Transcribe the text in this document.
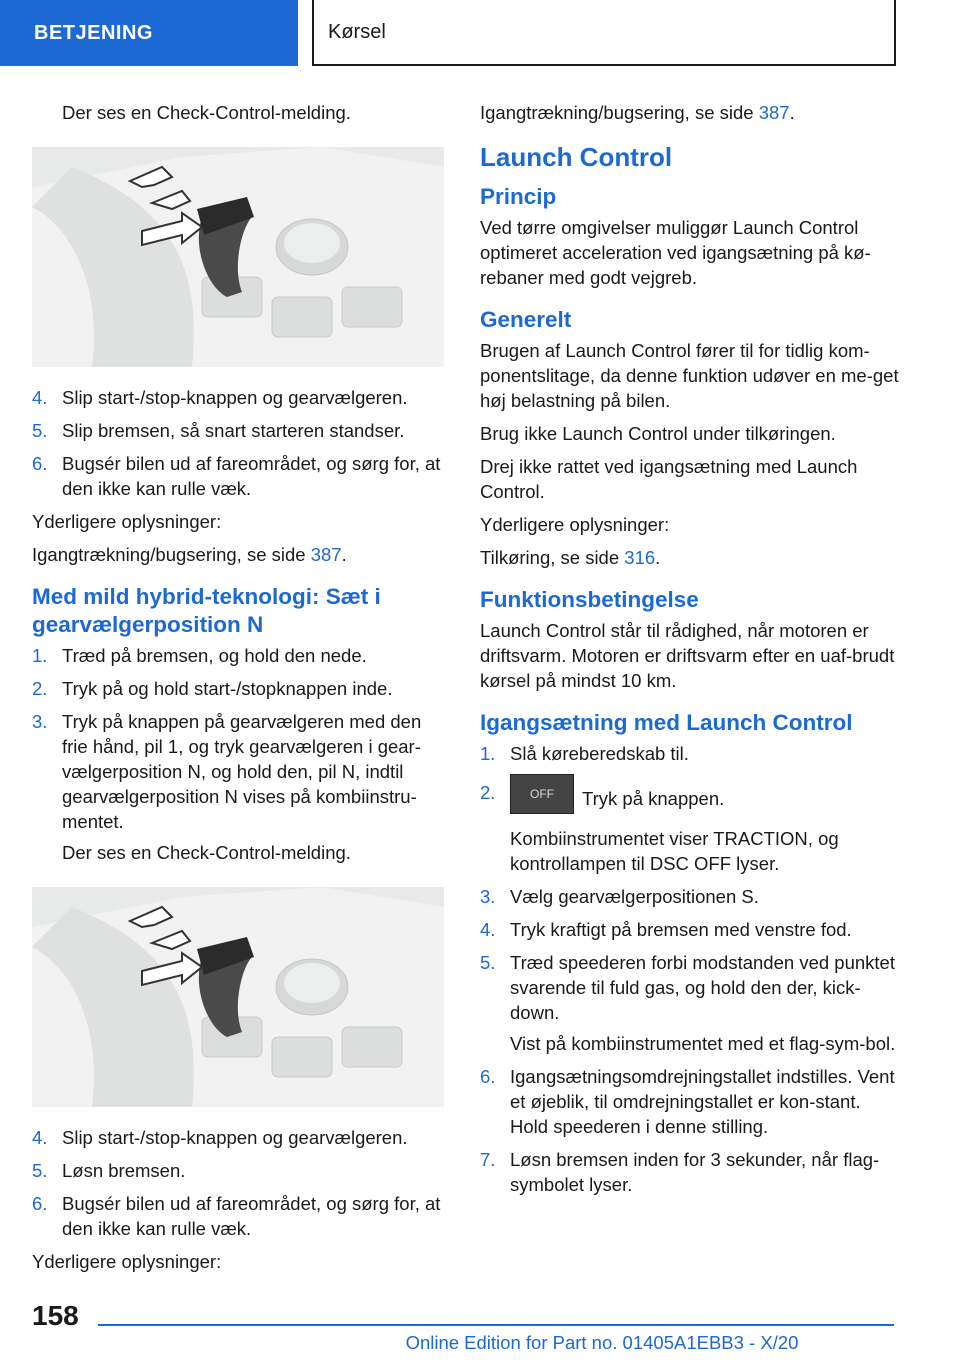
BETJENING	Kørsel

Der ses en Check-Control-melding.

4. Slip start-/stop-knappen og gearvælgeren.
5. Slip bremsen, så snart starteren standser.
6. Bugsér bilen ud af fareområdet, og sørg for, at den ikke kan rulle væk.

Yderligere oplysninger:

Igangtrækning/bugsering, se side 387.

Med mild hybrid-teknologi: Sæt i gearvælgerposition N
1. Træd på bremsen, og hold den nede.
2. Tryk på og hold start-/stopknappen inde.
3. Tryk på knappen på gearvælgeren med den frie hånd, pil 1, og tryk gearvælgeren i gear-vælgerposition N, og hold den, pil N, indtil gearvælgerposition N vises på kombiinstru-mentet.
Der ses en Check-Control-melding.
4. Slip start-/stop-knappen og gearvælgeren.
5. Løsn bremsen.
6. Bugsér bilen ud af fareområdet, og sørg for, at den ikke kan rulle væk.

Yderligere oplysninger:

Igangtrækning/bugsering, se side 387.

Launch Control
Princip

Ved tørre omgivelser muliggør Launch Control optimeret acceleration ved igangsætning på kø-rebaner med godt vejgreb.

Generelt

Brugen af Launch Control fører til for tidlig kom-ponentslitage, da denne funktion udøver en me-get høj belastning på bilen.

Brug ikke Launch Control under tilkøringen.

Drej ikke rattet ved igangsætning med Launch Control.

Yderligere oplysninger:

Tilkøring, se side 316.

Funktionsbetingelse

Launch Control står til rådighed, når motoren er driftsvarm. Motoren er driftsvarm efter en uaf-brudt kørsel på mindst 10 km.

Igangsætning med Launch Control
1. Slå køreberedskab til.
2.	OFF Tryk på knappen.
Kombiinstrumentet viser TRACTION, og kontrollampen til DSC OFF lyser.
3. Vælg gearvælgerpositionen S.
4. Tryk kraftigt på bremsen med venstre fod.
5. Træd speederen forbi modstanden ved punktet svarende til fuld gas, og hold den der, kick-down.
Vist på kombiinstrumentet med et flag-sym-bol.
6. Igangsætningsomdrejningstallet indstilles. Vent et øjeblik, til omdrejningstallet er kon-stant. Hold speederen i denne stilling.
7. Løsn bremsen inden for 3 sekunder, når flag-symbolet lyser.
158
Online Edition for Part no. 01405A1EBB3 - X/20
